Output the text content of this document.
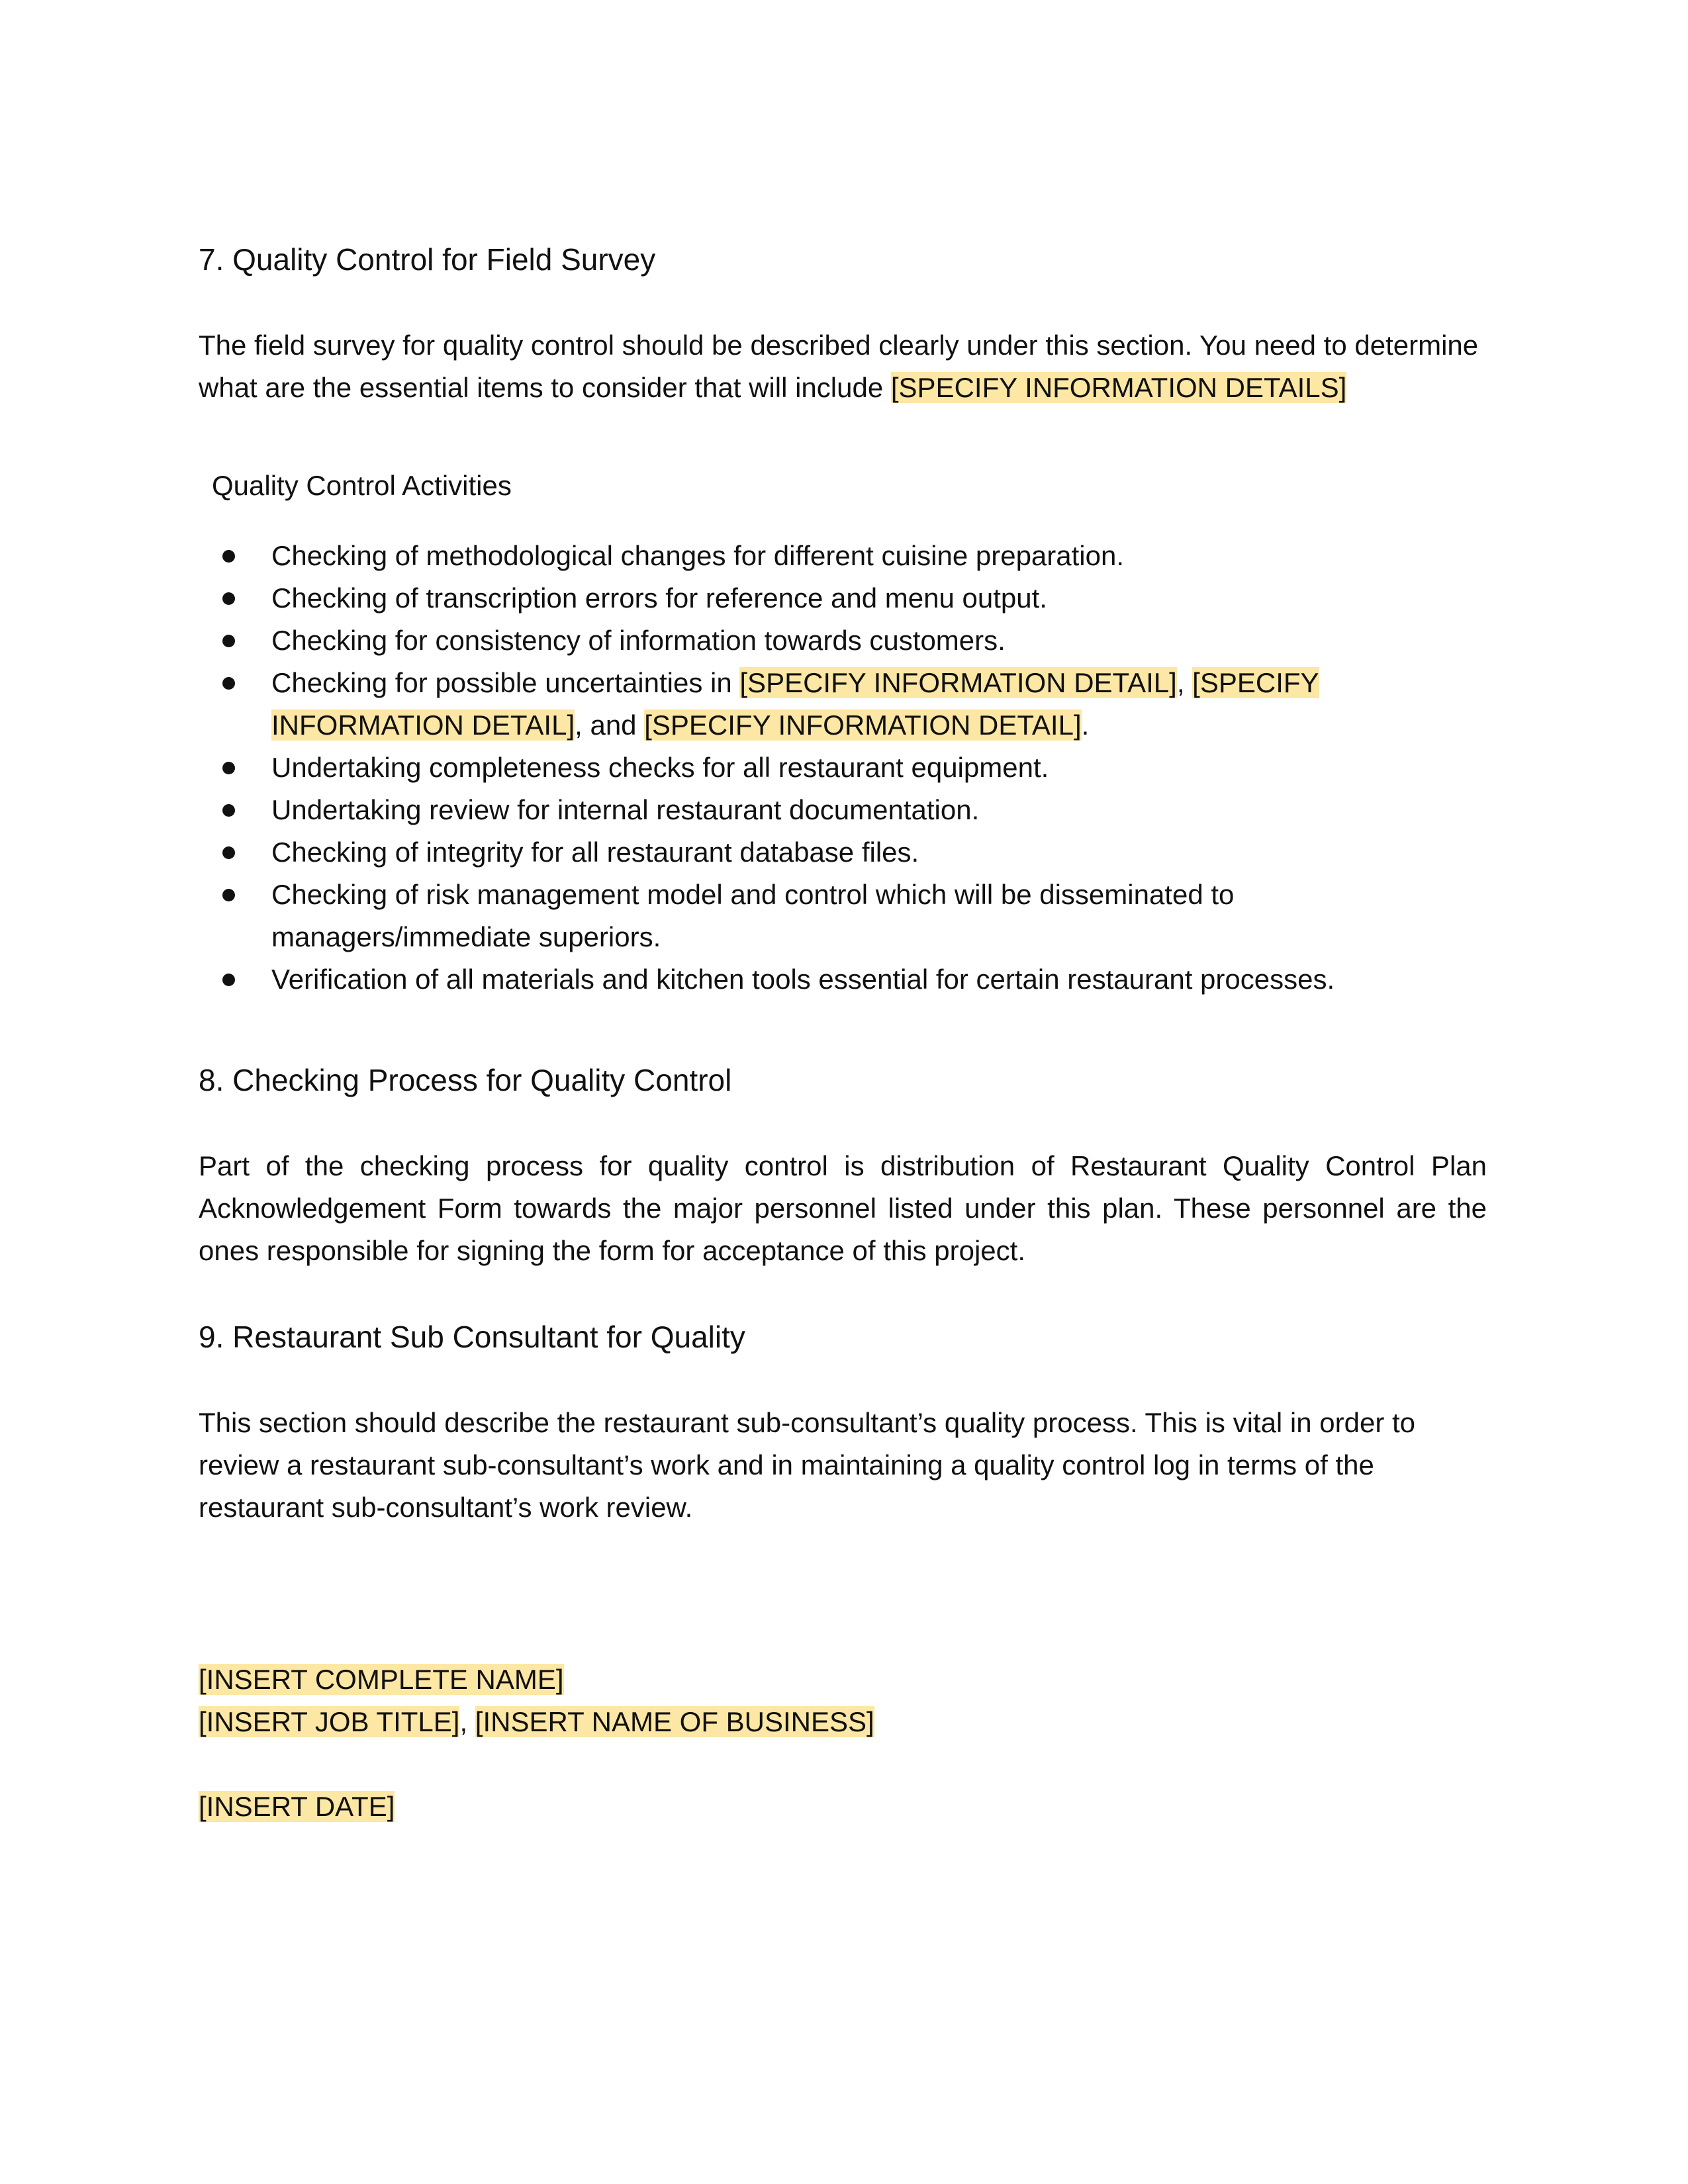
7. Quality Control for Field Survey

The field survey for quality control should be described clearly under this section. You need to determine what are the essential items to consider that will include [SPECIFY INFORMATION DETAILS]

Quality Control Activities

Checking of methodological changes for different cuisine preparation.
Checking of transcription errors for reference and menu output.
Checking for consistency of information towards customers.
Checking for possible uncertainties in [SPECIFY INFORMATION DETAIL], [SPECIFY INFORMATION DETAIL], and [SPECIFY INFORMATION DETAIL].
Undertaking completeness checks for all restaurant equipment.
Undertaking review for internal restaurant documentation.
Checking of integrity for all restaurant database files.
Checking of risk management model and control which will be disseminated to managers/immediate superiors.
Verification of all materials and kitchen tools essential for certain restaurant processes.
8. Checking Process for Quality Control

Part of the checking process for quality control is distribution of Restaurant Quality Control Plan Acknowledgement Form towards the major personnel listed under this plan. These personnel are the ones responsible for signing the form for acceptance of this project.

9. Restaurant Sub Consultant for Quality

This section should describe the restaurant sub-consultant’s quality process. This is vital in order to review a restaurant sub-consultant’s work and in maintaining a quality control log in terms of the restaurant sub-consultant’s work review.

[INSERT COMPLETE NAME]

[INSERT JOB TITLE], [INSERT NAME OF BUSINESS]

[INSERT DATE]
